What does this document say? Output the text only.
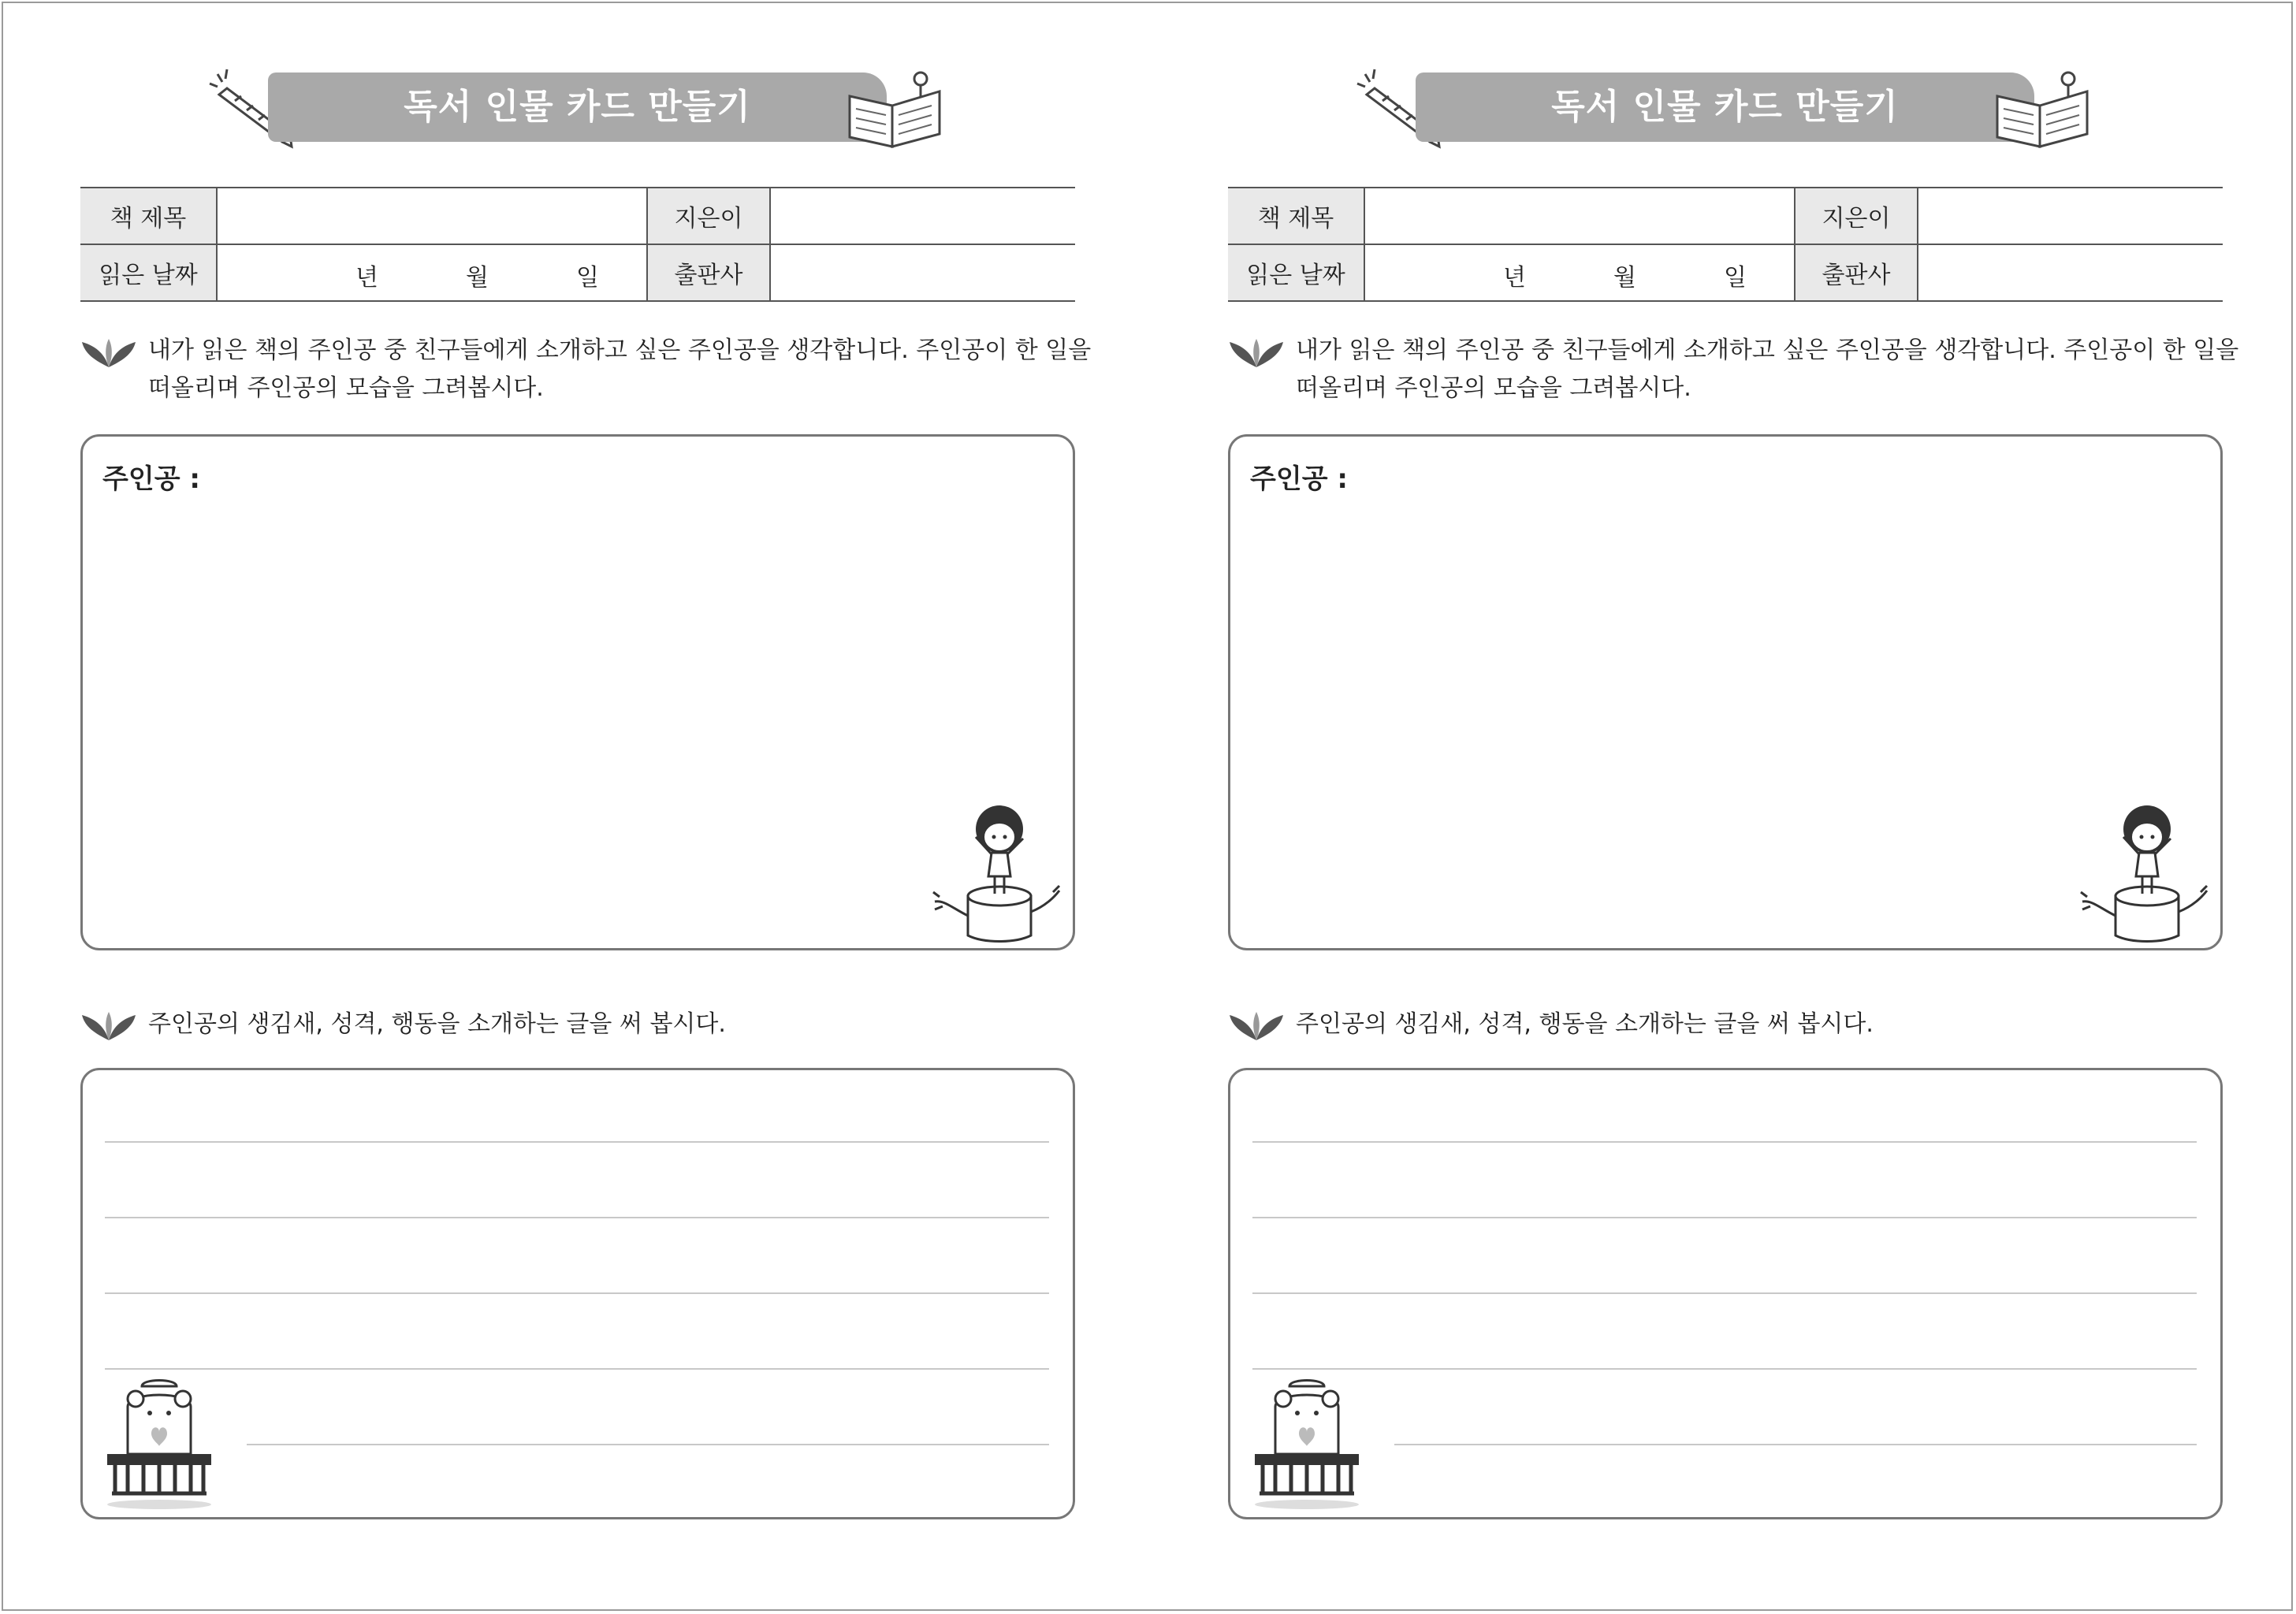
독서 인물 카드 만들기
책 제목		지은이	
읽은 날짜	년 월 일	출판사	
내가 읽은 책의 주인공 중 친구들에게 소개하고 싶은 주인공을 생각합니다. 주인공이 한 일을
떠올리며 주인공의 모습을 그려봅시다.
주인공 :
주인공의 생김새, 성격, 행동을 소개하는 글을 써 봅시다.
독서 인물 카드 만들기
책 제목		지은이	
읽은 날짜	년 월 일	출판사	
내가 읽은 책의 주인공 중 친구들에게 소개하고 싶은 주인공을 생각합니다. 주인공이 한 일을
떠올리며 주인공의 모습을 그려봅시다.
주인공 :
주인공의 생김새, 성격, 행동을 소개하는 글을 써 봅시다.
